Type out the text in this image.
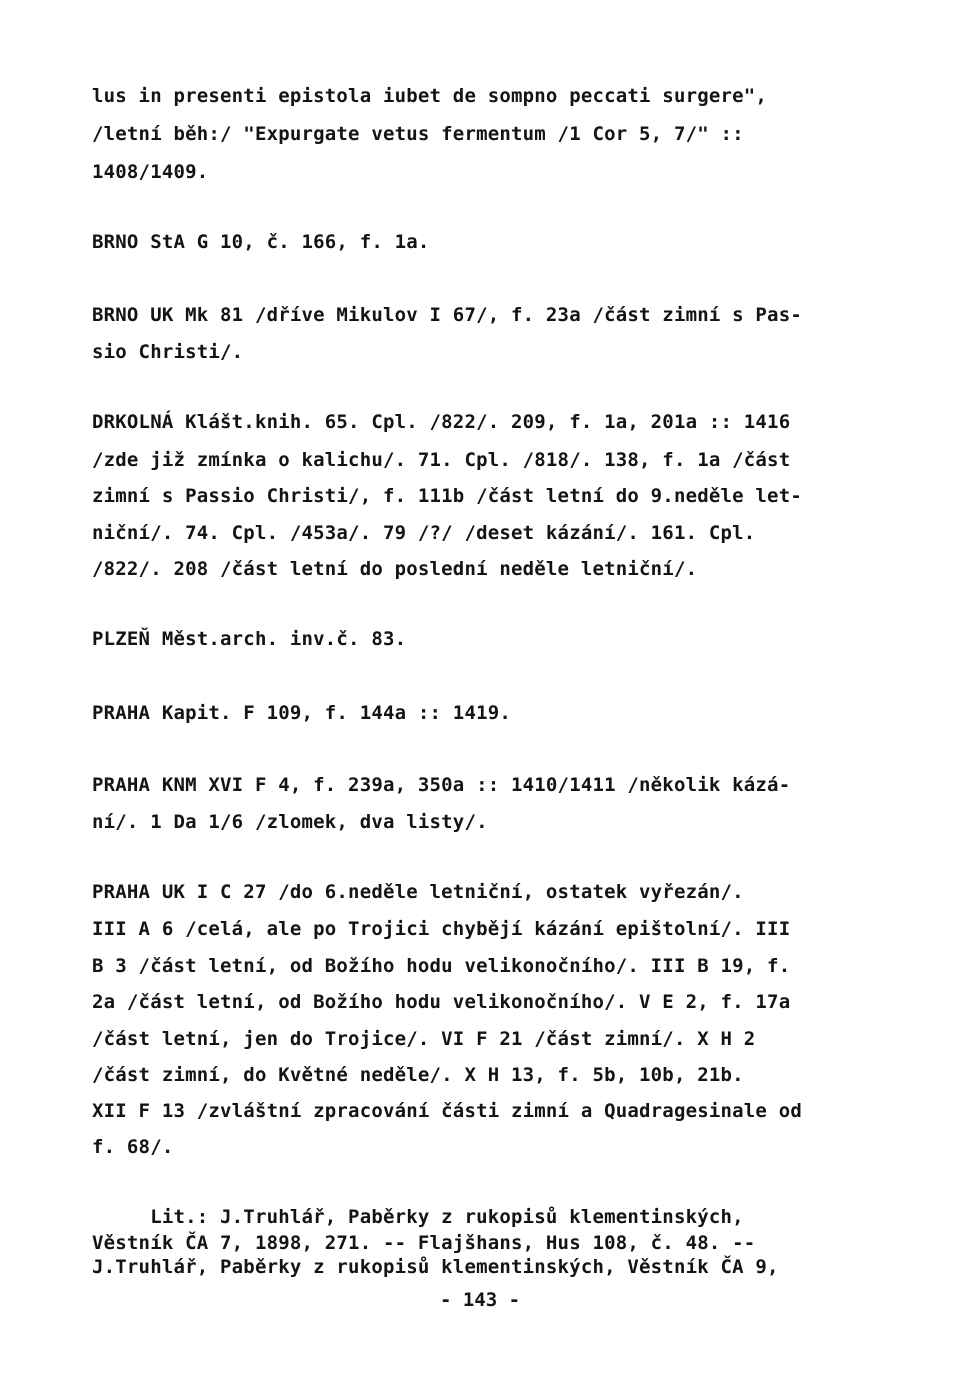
lus in presenti epistola iubet de sompno peccati surgere",
/letní běh:/ "Expurgate vetus fermentum /1 Cor 5, 7/" ::
1408/1409.
BRNO StA G 10, č. 166, f. 1a.
BRNO UK Mk 81 /dříve Mikulov I 67/, f. 23a /část zimní s Pas-
sio Christi/.
DRKOLNÁ Klášt.knih. 65. Cpl. /822/. 209, f. 1a, 201a :: 1416
/zde již zmínka o kalichu/. 71. Cpl. /818/. 138, f. 1a /část
zimní s Passio Christi/, f. 111b /část letní do 9.neděle let-
niční/. 74. Cpl. /453a/. 79 /?/ /deset kázání/. 161. Cpl.
/822/. 208 /část letní do poslední neděle letniční/.
PLZEŇ Měst.arch. inv.č. 83.
PRAHA Kapit. F 109, f. 144a :: 1419.
PRAHA KNM XVI F 4, f. 239a, 350a :: 1410/1411 /několik kázá-
ní/. 1 Da 1/6 /zlomek, dva listy/.
PRAHA UK I C 27 /do 6.neděle letniční, ostatek vyřezán/.
III A 6 /celá, ale po Trojici chybějí kázání epištolní/. III
B 3 /část letní, od Božího hodu velikonočního/. III B 19, f.
2a /část letní, od Božího hodu velikonočního/. V E 2, f. 17a
/část letní, jen do Trojice/. VI F 21 /část zimní/. X H 2
/část zimní, do Květné neděle/. X H 13, f. 5b, 10b, 21b.
XII F 13 /zvláštní zpracování části zimní a Quadragesinale od
f. 68/.
Lit.: J.Truhlář, Paběrky z rukopisů klementinských,
Věstník ČA 7, 1898, 271. -- Flajšhans, Hus 108, č. 48. --
J.Truhlář, Paběrky z rukopisů klementinských, Věstník ČA 9,
- 143 -
